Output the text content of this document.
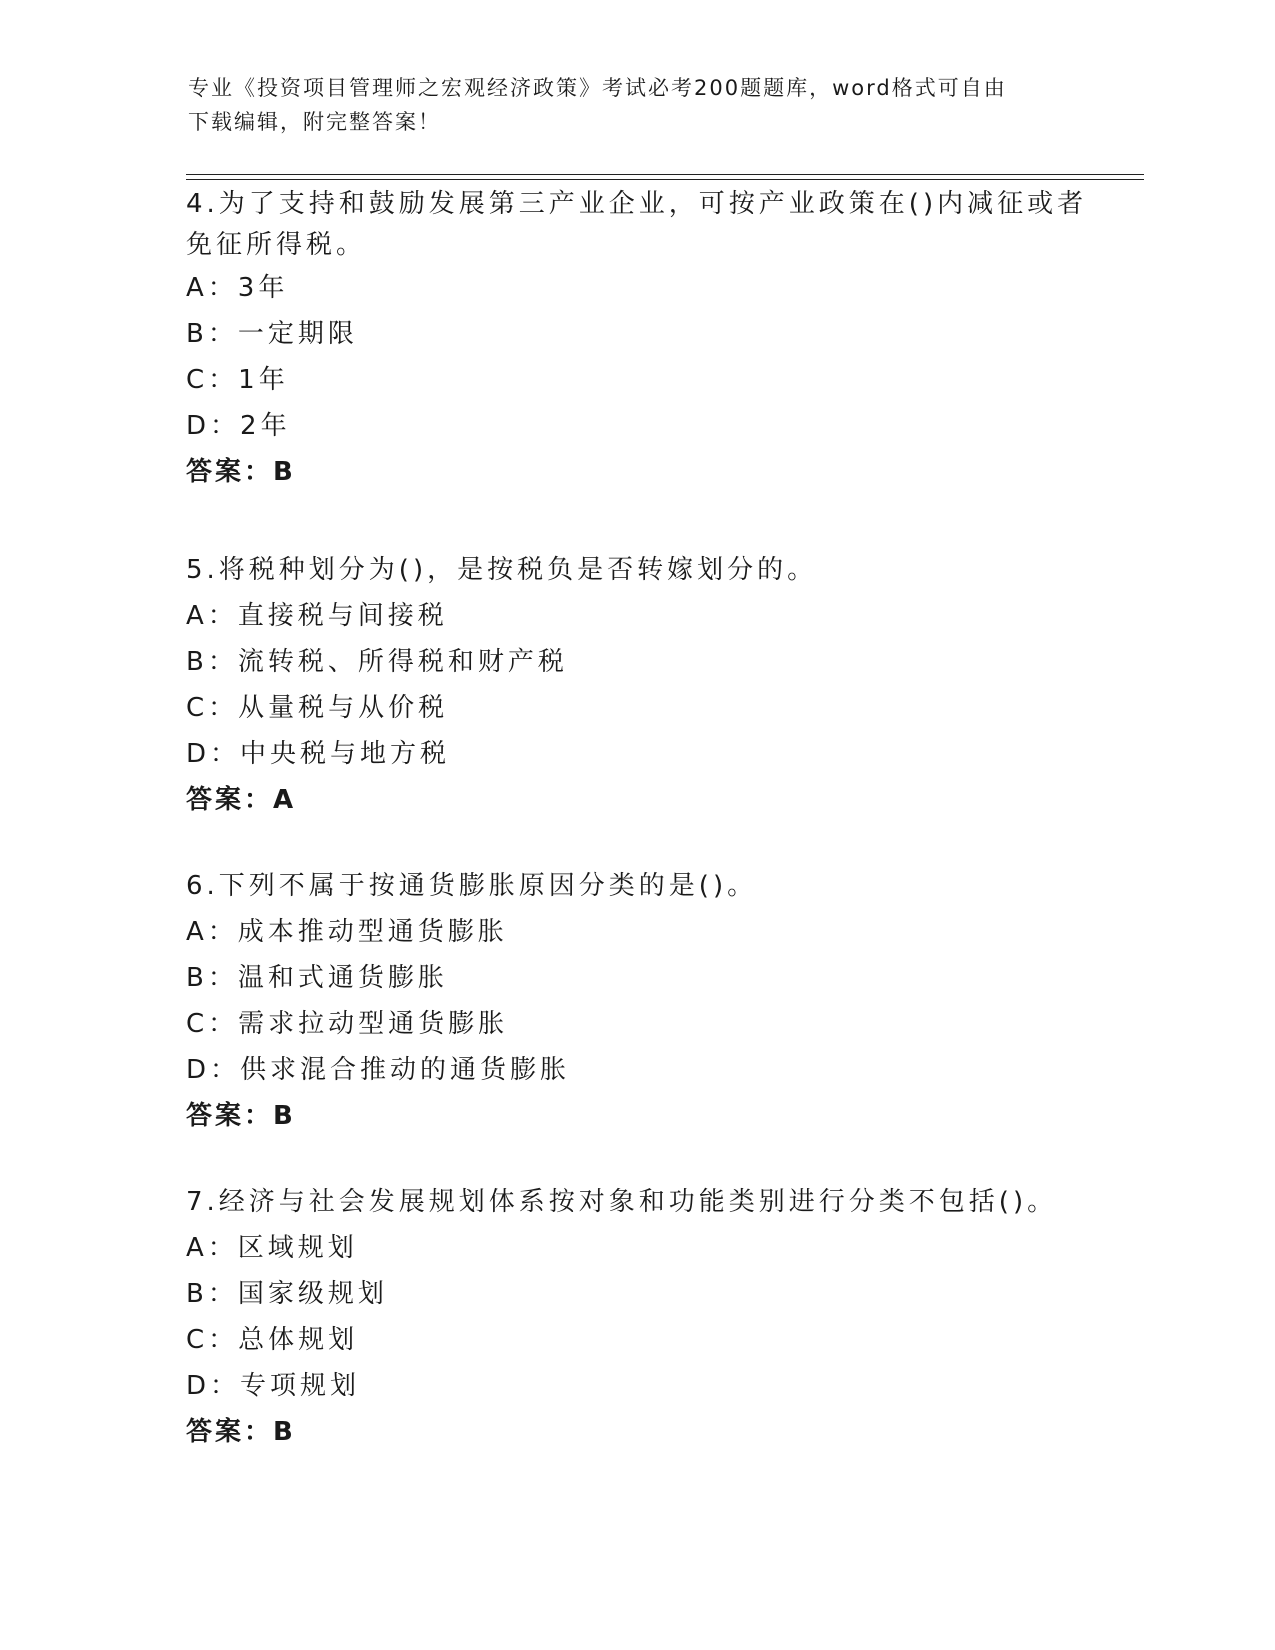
专业《投资项目管理师之宏观经济政策》考试必考200题题库，word格式可自由
下载编辑，附完整答案！
4.为了支持和鼓励发展第三产业企业，可按产业政策在()内减征或者
免征所得税。
A：3年
B：一定期限
C：1年
D：2年
答案：B
5.将税种划分为()，是按税负是否转嫁划分的。
A：直接税与间接税
B：流转税、所得税和财产税
C：从量税与从价税
D：中央税与地方税
答案：A
6.下列不属于按通货膨胀原因分类的是()。
A：成本推动型通货膨胀
B：温和式通货膨胀
C：需求拉动型通货膨胀
D：供求混合推动的通货膨胀
答案：B
7.经济与社会发展规划体系按对象和功能类别进行分类不包括()。
A：区域规划
B：国家级规划
C：总体规划
D：专项规划
答案：B
